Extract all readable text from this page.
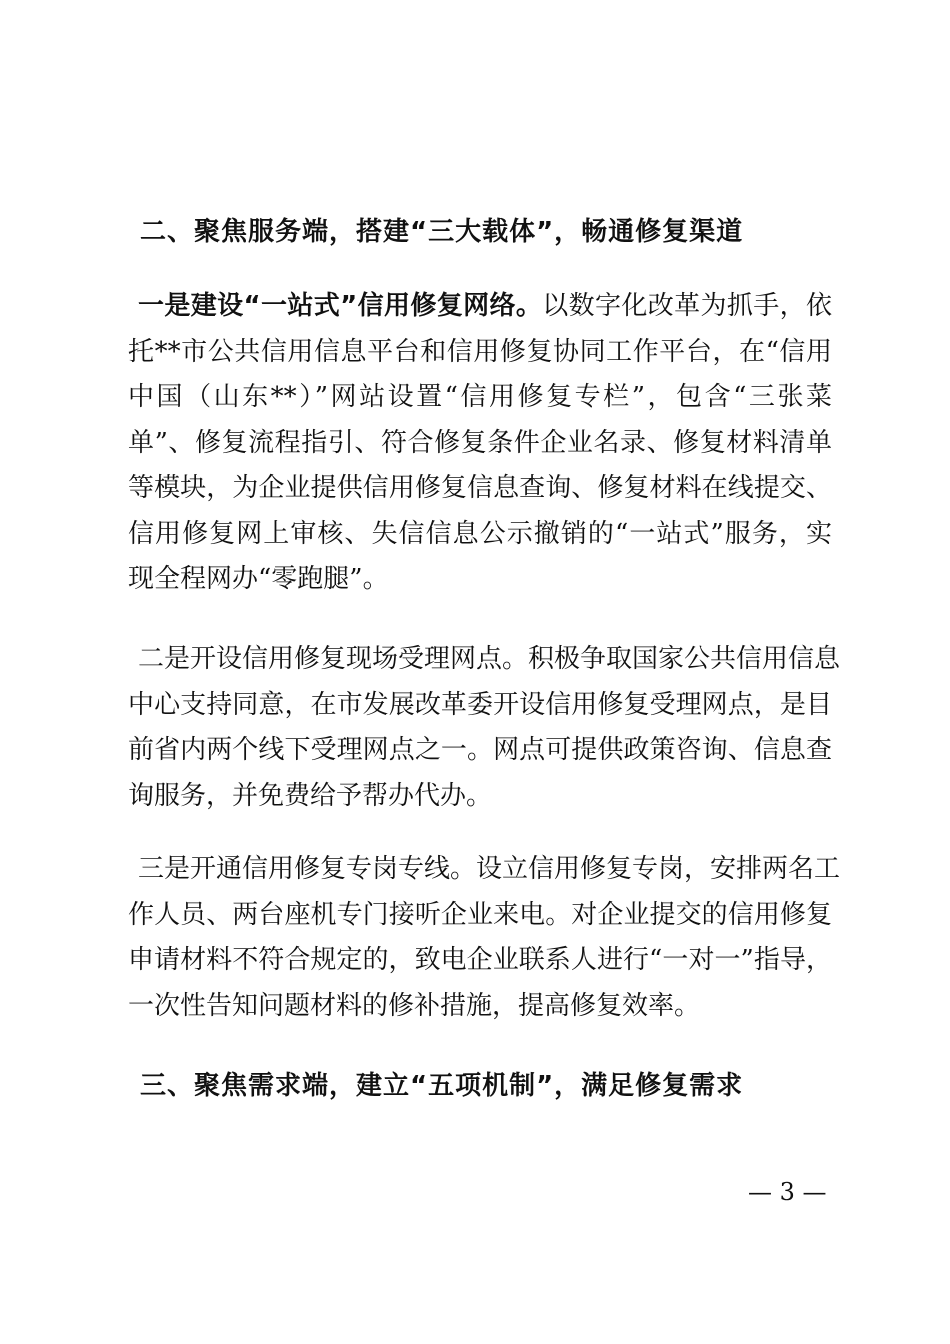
二、聚焦服务端，搭建“三大载体”，畅通修复渠道
一是建设“一站式”信用修复网络。以数字化改革为抓手，依
托**市公共信用信息平台和信用修复协同工作平台，在“信用
中国（山东**）”网站设置“信用修复专栏”，包含“三张菜
单”、修复流程指引、符合修复条件企业名录、修复材料清单
等模块，为企业提供信用修复信息查询、修复材料在线提交、
信用修复网上审核、失信信息公示撤销的“一站式”服务，实
现全程网办“零跑腿”。
二是开设信用修复现场受理网点。积极争取国家公共信用信息
中心支持同意，在市发展改革委开设信用修复受理网点，是目
前省内两个线下受理网点之一。网点可提供政策咨询、信息查
询服务，并免费给予帮办代办。
三是开通信用修复专岗专线。设立信用修复专岗，安排两名工
作人员、两台座机专门接听企业来电。对企业提交的信用修复
申请材料不符合规定的，致电企业联系人进行“一对一”指导，
一次性告知问题材料的修补措施，提高修复效率。
三、聚焦需求端，建立“五项机制”，满足修复需求
— 3 —
